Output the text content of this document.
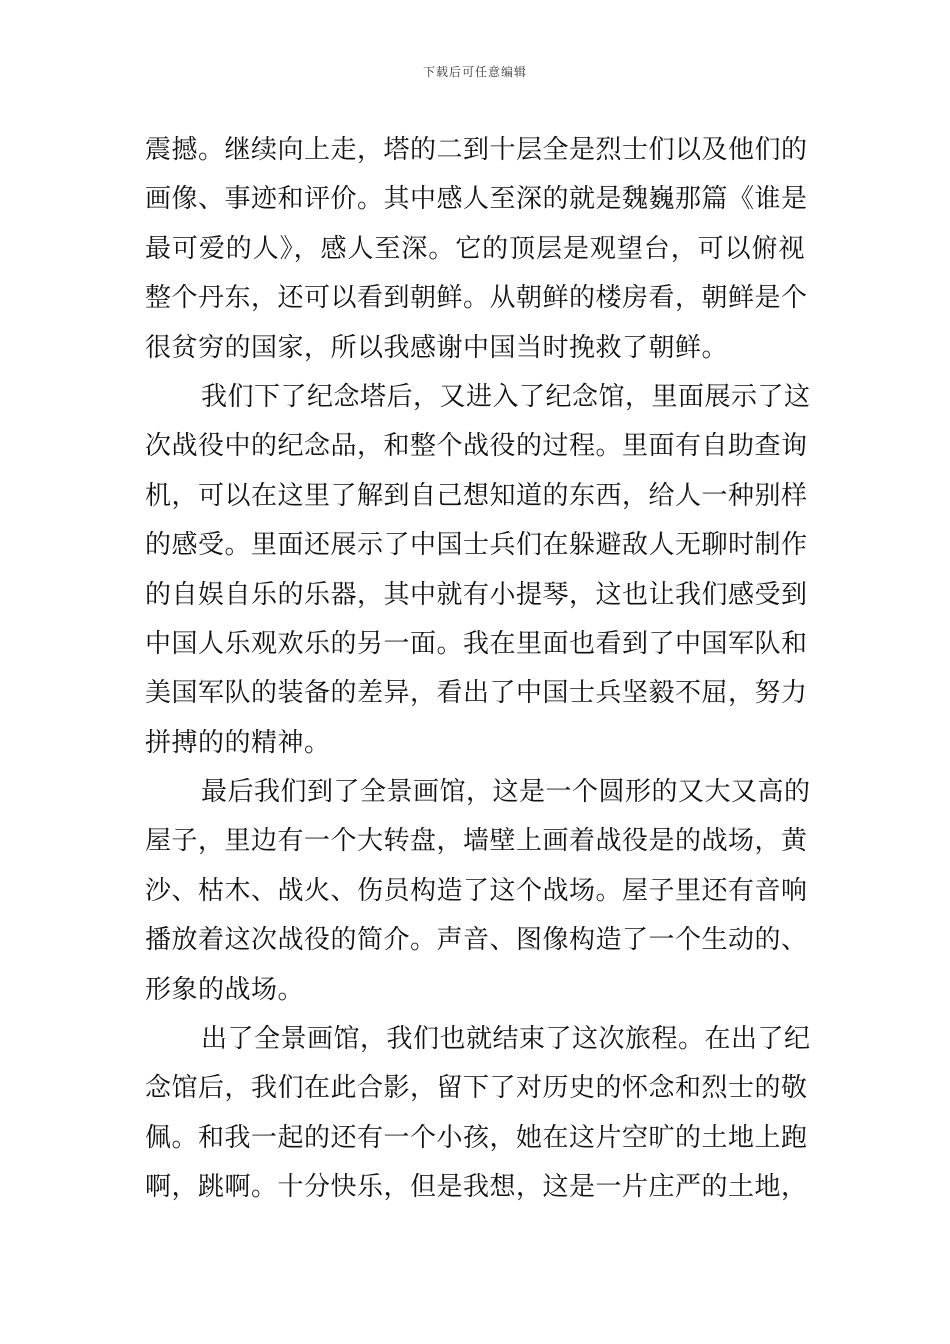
下载后可任意编辑
震撼。继续向上走，塔的二到十层全是烈士们以及他们的
画像、事迹和评价。其中感人至深的就是魏巍那篇《谁是
最可爱的人》，感人至深。它的顶层是观望台，可以俯视
整个丹东，还可以看到朝鲜。从朝鲜的楼房看，朝鲜是个
很贫穷的国家，所以我感谢中国当时挽救了朝鲜。
我们下了纪念塔后，又进入了纪念馆，里面展示了这
次战役中的纪念品，和整个战役的过程。里面有自助查询
机，可以在这里了解到自己想知道的东西，给人一种别样
的感受。里面还展示了中国士兵们在躲避敌人无聊时制作
的自娱自乐的乐器，其中就有小提琴，这也让我们感受到
中国人乐观欢乐的另一面。我在里面也看到了中国军队和
美国军队的装备的差异，看出了中国士兵坚毅不屈，努力
拼搏的的精神。
最后我们到了全景画馆，这是一个圆形的又大又高的
屋子，里边有一个大转盘，墙壁上画着战役是的战场，黄
沙、枯木、战火、伤员构造了这个战场。屋子里还有音响
播放着这次战役的简介。声音、图像构造了一个生动的、
形象的战场。
出了全景画馆，我们也就结束了这次旅程。在出了纪
念馆后，我们在此合影，留下了对历史的怀念和烈士的敬
佩。和我一起的还有一个小孩，她在这片空旷的土地上跑
啊，跳啊。十分快乐，但是我想，这是一片庄严的土地，
